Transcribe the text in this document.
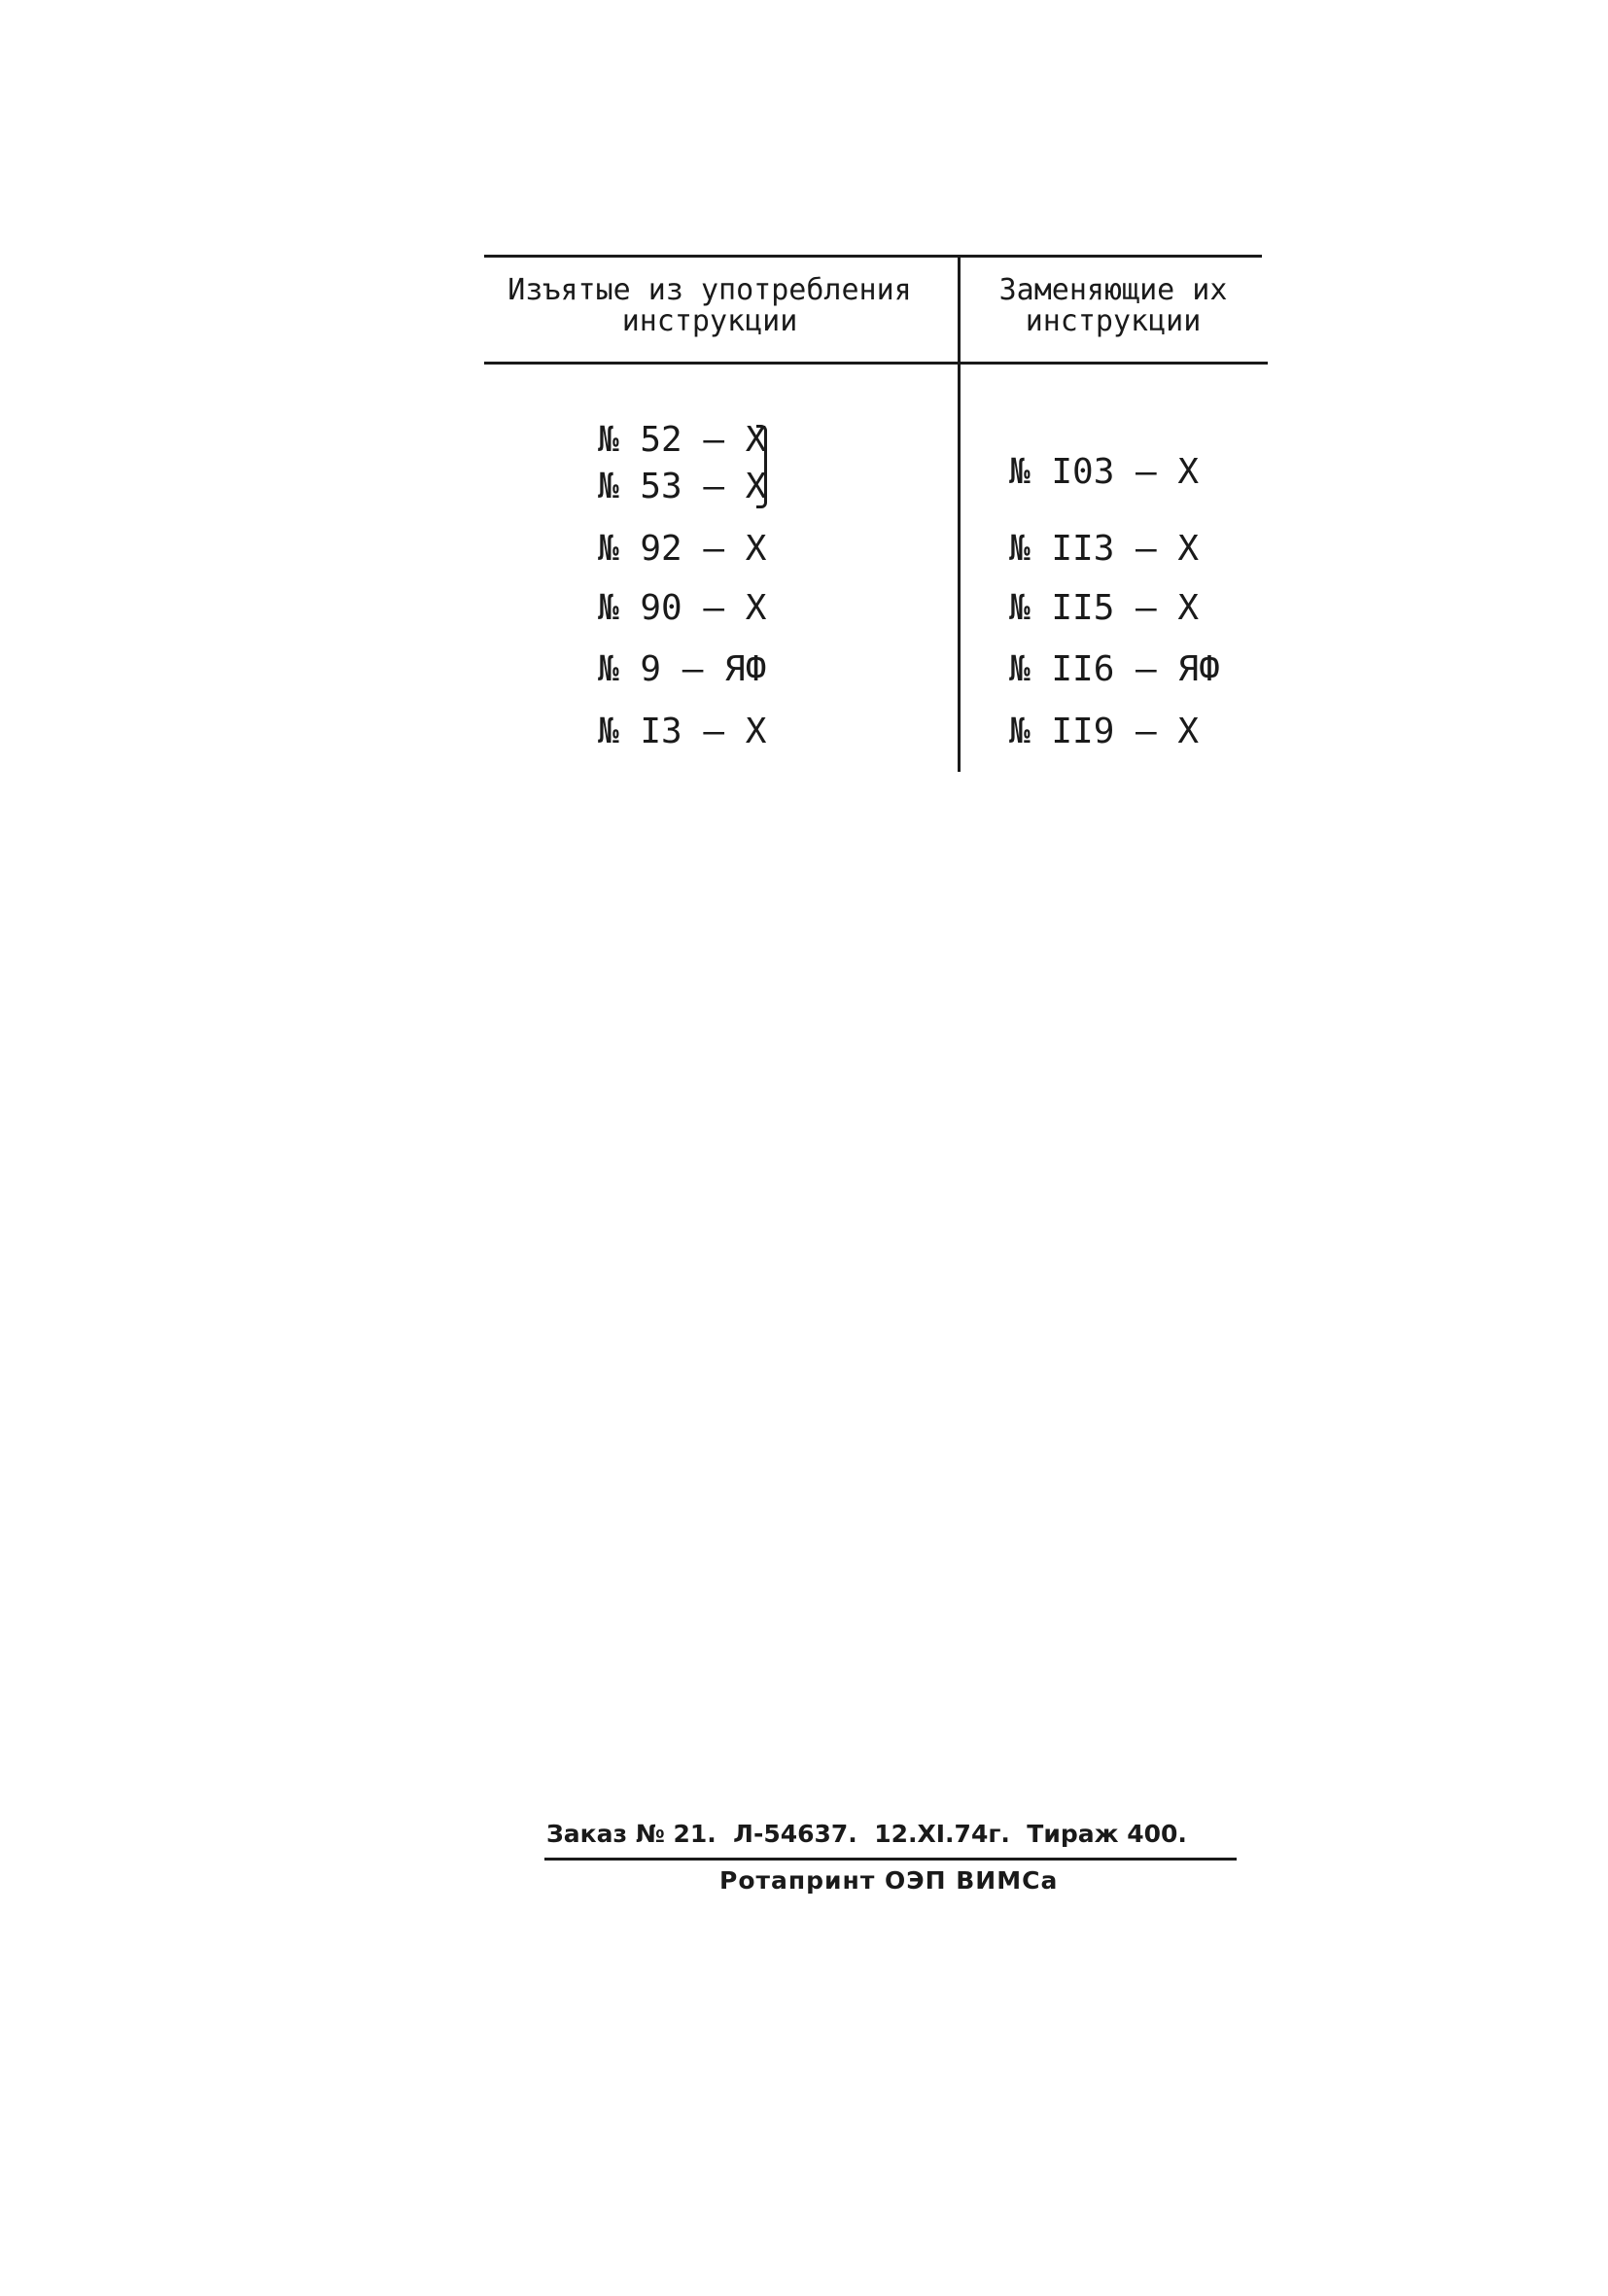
Изъятые из употребления
инструкции
Заменяющие их
инструкции
№ 52 – Х
№ 53 – Х
№ 92 – Х
№ 90 – Х
№ 9 – ЯФ
№ I3 – Х
№ I03 – Х
№ II3 – Х
№ II5 – Х
№ II6 – ЯФ
№ II9 – Х
Заказ № 21.  Л-54637.  12.ХI.74г.  Тираж 400.
Ротапринт ОЭП ВИМСа
